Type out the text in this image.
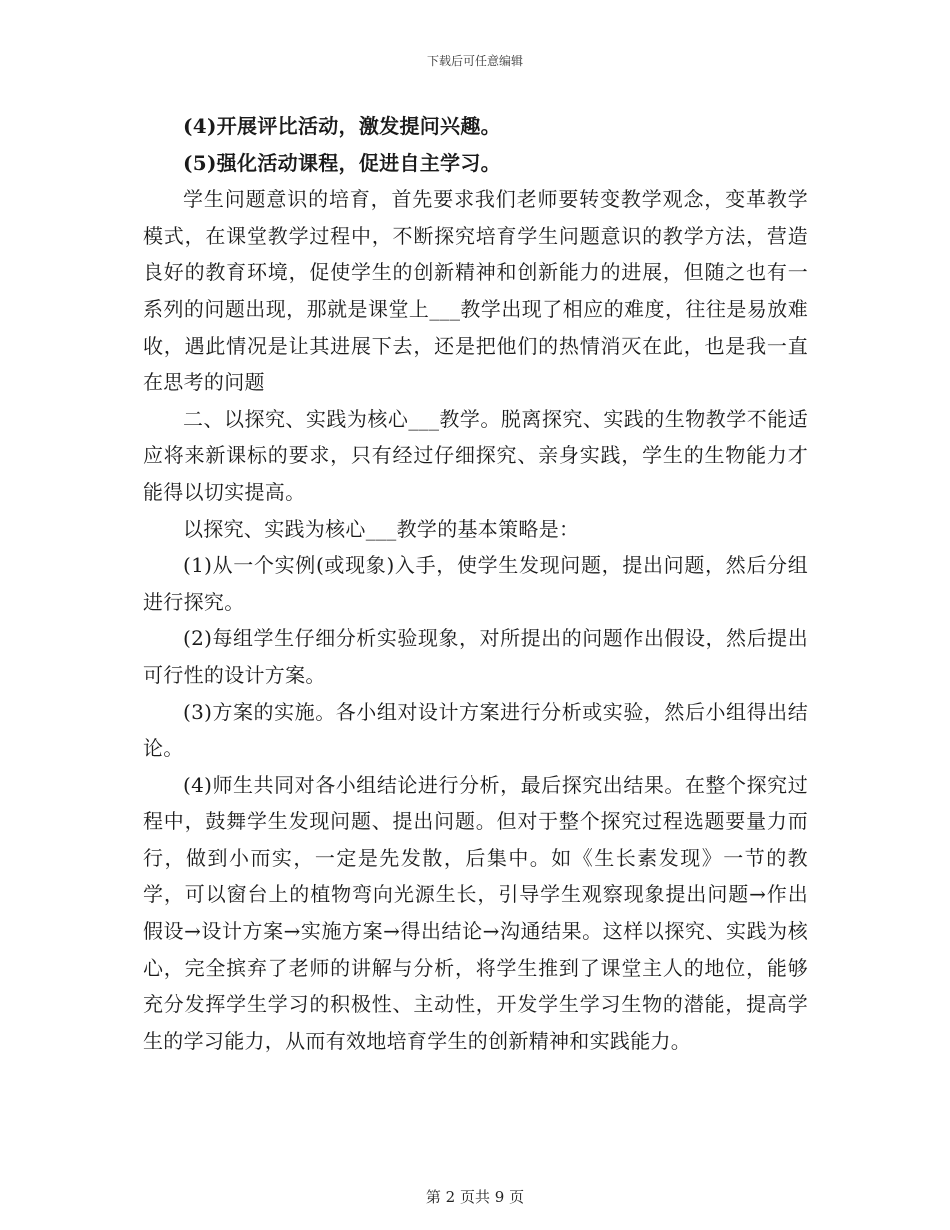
下载后可任意编辑

(4)开展评比活动，激发提问兴趣。

(5)强化活动课程，促进自主学习。

学生问题意识的培育，首先要求我们老师要转变教学观念，变革教学模式，在课堂教学过程中，不断探究培育学生问题意识的教学方法，营造良好的教育环境，促使学生的创新精神和创新能力的进展，但随之也有一系列的问题出现，那就是课堂上___教学出现了相应的难度，往往是易放难收，遇此情况是让其进展下去，还是把他们的热情消灭在此，也是我一直在思考的问题

二、以探究、实践为核心___教学。脱离探究、实践的生物教学不能适应将来新课标的要求，只有经过仔细探究、亲身实践，学生的生物能力才能得以切实提高。

以探究、实践为核心___教学的基本策略是：

(1)从一个实例(或现象)入手，使学生发现问题，提出问题，然后分组进行探究。

(2)每组学生仔细分析实验现象，对所提出的问题作出假设，然后提出可行性的设计方案。

(3)方案的实施。各小组对设计方案进行分析或实验，然后小组得出结论。

(4)师生共同对各小组结论进行分析，最后探究出结果。在整个探究过程中，鼓舞学生发现问题、提出问题。但对于整个探究过程选题要量力而行，做到小而实，一定是先发散，后集中。如《生长素发现》一节的教学，可以窗台上的植物弯向光源生长，引导学生观察现象提出问题→作出假设→设计方案→实施方案→得出结论→沟通结果。这样以探究、实践为核心，完全摈弃了老师的讲解与分析，将学生推到了课堂主人的地位，能够充分发挥学生学习的积极性、主动性，开发学生学习生物的潜能，提高学生的学习能力，从而有效地培育学生的创新精神和实践能力。

第 2 页共 9 页
